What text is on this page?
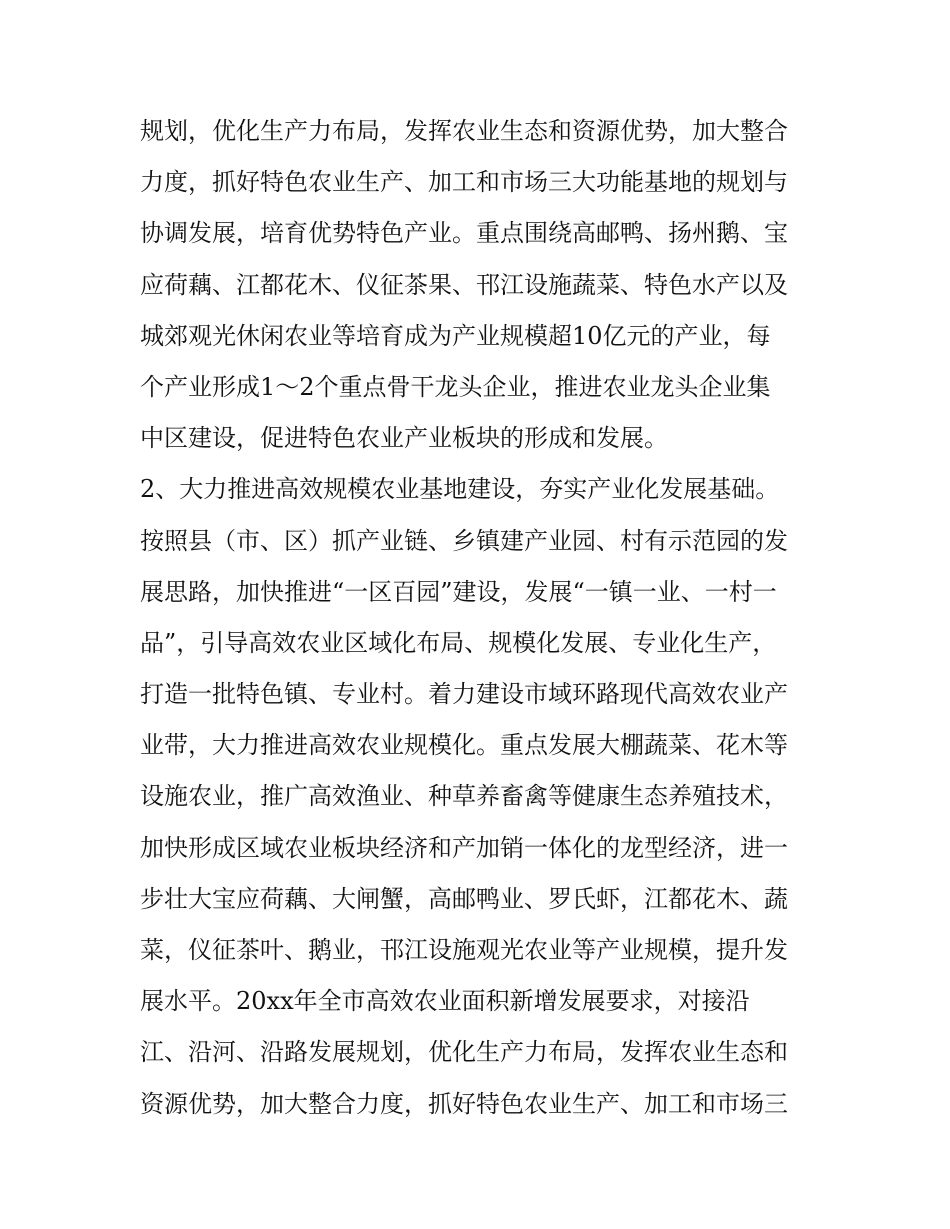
规划，优化生产力布局，发挥农业生态和资源优势，加大整合
力度，抓好特色农业生产、加工和市场三大功能基地的规划与
协调发展，培育优势特色产业。重点围绕高邮鸭、扬州鹅、宝
应荷藕、江都花木、仪征茶果、邗江设施蔬菜、特色水产以及
城郊观光休闲农业等培育成为产业规模超10亿元的产业，每
个产业形成1～2个重点骨干龙头企业，推进农业龙头企业集
中区建设，促进特色农业产业板块的形成和发展。
2、大力推进高效规模农业基地建设，夯实产业化发展基础。
按照县（市、区）抓产业链、乡镇建产业园、村有示范园的发
展思路，加快推进“一区百园”建设，发展“一镇一业、一村一
品”，引导高效农业区域化布局、规模化发展、专业化生产，
打造一批特色镇、专业村。着力建设市域环路现代高效农业产
业带，大力推进高效农业规模化。重点发展大棚蔬菜、花木等
设施农业，推广高效渔业、种草养畜禽等健康生态养殖技术，
加快形成区域农业板块经济和产加销一体化的龙型经济，进一
步壮大宝应荷藕、大闸蟹，高邮鸭业、罗氏虾，江都花木、蔬
菜，仪征茶叶、鹅业，邗江设施观光农业等产业规模，提升发
展水平。20xx年全市高效农业面积新增发展要求，对接沿
江、沿河、沿路发展规划，优化生产力布局，发挥农业生态和
资源优势，加大整合力度，抓好特色农业生产、加工和市场三
